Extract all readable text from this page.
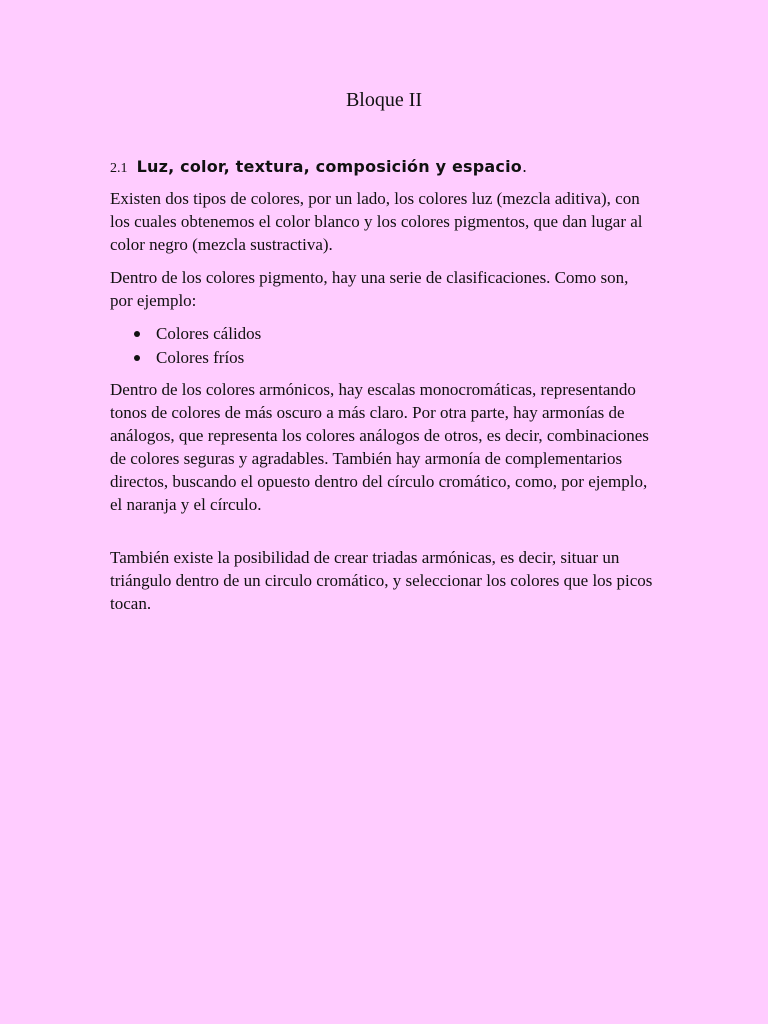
Bloque II
2.1 Luz, color, textura, composición y espacio.

Existen dos tipos de colores, por un lado, los colores luz (mezcla aditiva), con los cuales obtenemos el color blanco y los colores pigmentos, que dan lugar al color negro (mezcla sustractiva).

Dentro de los colores pigmento, hay una serie de clasificaciones. Como son, por ejemplo:

Colores cálidos
Colores fríos

Dentro de los colores armónicos, hay escalas monocromáticas, representando tonos de colores de más oscuro a más claro. Por otra parte, hay armonías de análogos, que representa los colores análogos de otros, es decir, combinaciones de colores seguras y agradables. También hay armonía de complementarios directos, buscando el opuesto dentro del círculo cromático, como, por ejemplo, el naranja y el círculo.

También existe la posibilidad de crear triadas armónicas, es decir, situar un triángulo dentro de un circulo cromático, y seleccionar los colores que los picos tocan.
